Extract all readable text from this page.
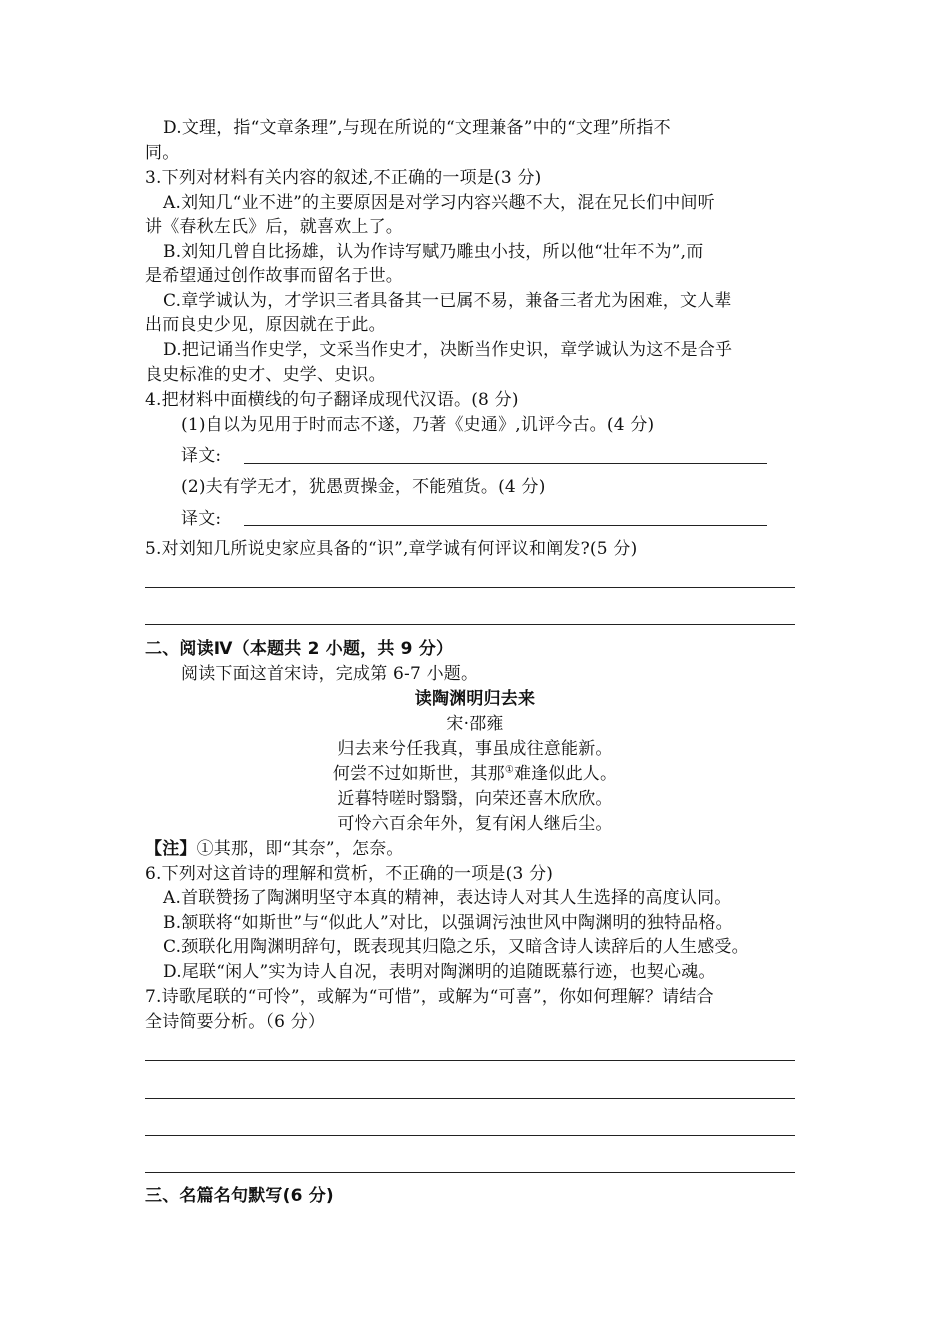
D.文理，指“文章条理”,与现在所说的“文理兼备”中的“文理”所指不
同。
3.下列对材料有关内容的叙述,不正确的一项是(3 分)
A.刘知几“业不进”的主要原因是对学习内容兴趣不大，混在兄长们中间听
讲《春秋左氏》后，就喜欢上了。
B.刘知几曾自比扬雄，认为作诗写赋乃雕虫小技，所以他“壮年不为”,而
是希望通过创作故事而留名于世。
C.章学诚认为，才学识三者具备其一已属不易，兼备三者尤为困难，文人辈
出而良史少见，原因就在于此。
D.把记诵当作史学，文采当作史才，决断当作史识，章学诚认为这不是合乎
良史标准的史才、史学、史识。
4.把材料中面横线的句子翻译成现代汉语。(8 分)
(1)自以为见用于时而志不遂，乃著《史通》,讥评今古。(4 分)
译文:
(2)夫有学无才，犹愚贾操金，不能殖货。(4 分)
译文:
5.对刘知几所说史家应具备的“识”,章学诚有何评议和阐发?(5 分)
二、阅读Ⅳ（本题共 2 小题，共 9 分）
阅读下面这首宋诗，完成第 6-7 小题。
读陶渊明归去来
宋·邵雍
归去来兮任我真，事虽成往意能新。
何尝不过如斯世，其那①难逢似此人。
近暮特嗟时翳翳，向荣还喜木欣欣。
可怜六百余年外，复有闲人继后尘。
【注】①其那，即“其奈”，怎奈。
6.下列对这首诗的理解和赏析，不正确的一项是(3 分)
A.首联赞扬了陶渊明坚守本真的精神，表达诗人对其人生选择的高度认同。
B.颔联将“如斯世”与“似此人”对比，以强调污浊世风中陶渊明的独特品格。
C.颈联化用陶渊明辞句，既表现其归隐之乐，又暗含诗人读辞后的人生感受。
D.尾联“闲人”实为诗人自况，表明对陶渊明的追随既慕行迹，也契心魂。
7.诗歌尾联的“可怜”，或解为“可惜”，或解为“可喜”，你如何理解？请结合
全诗简要分析。（6 分）
三、名篇名句默写(6 分)
